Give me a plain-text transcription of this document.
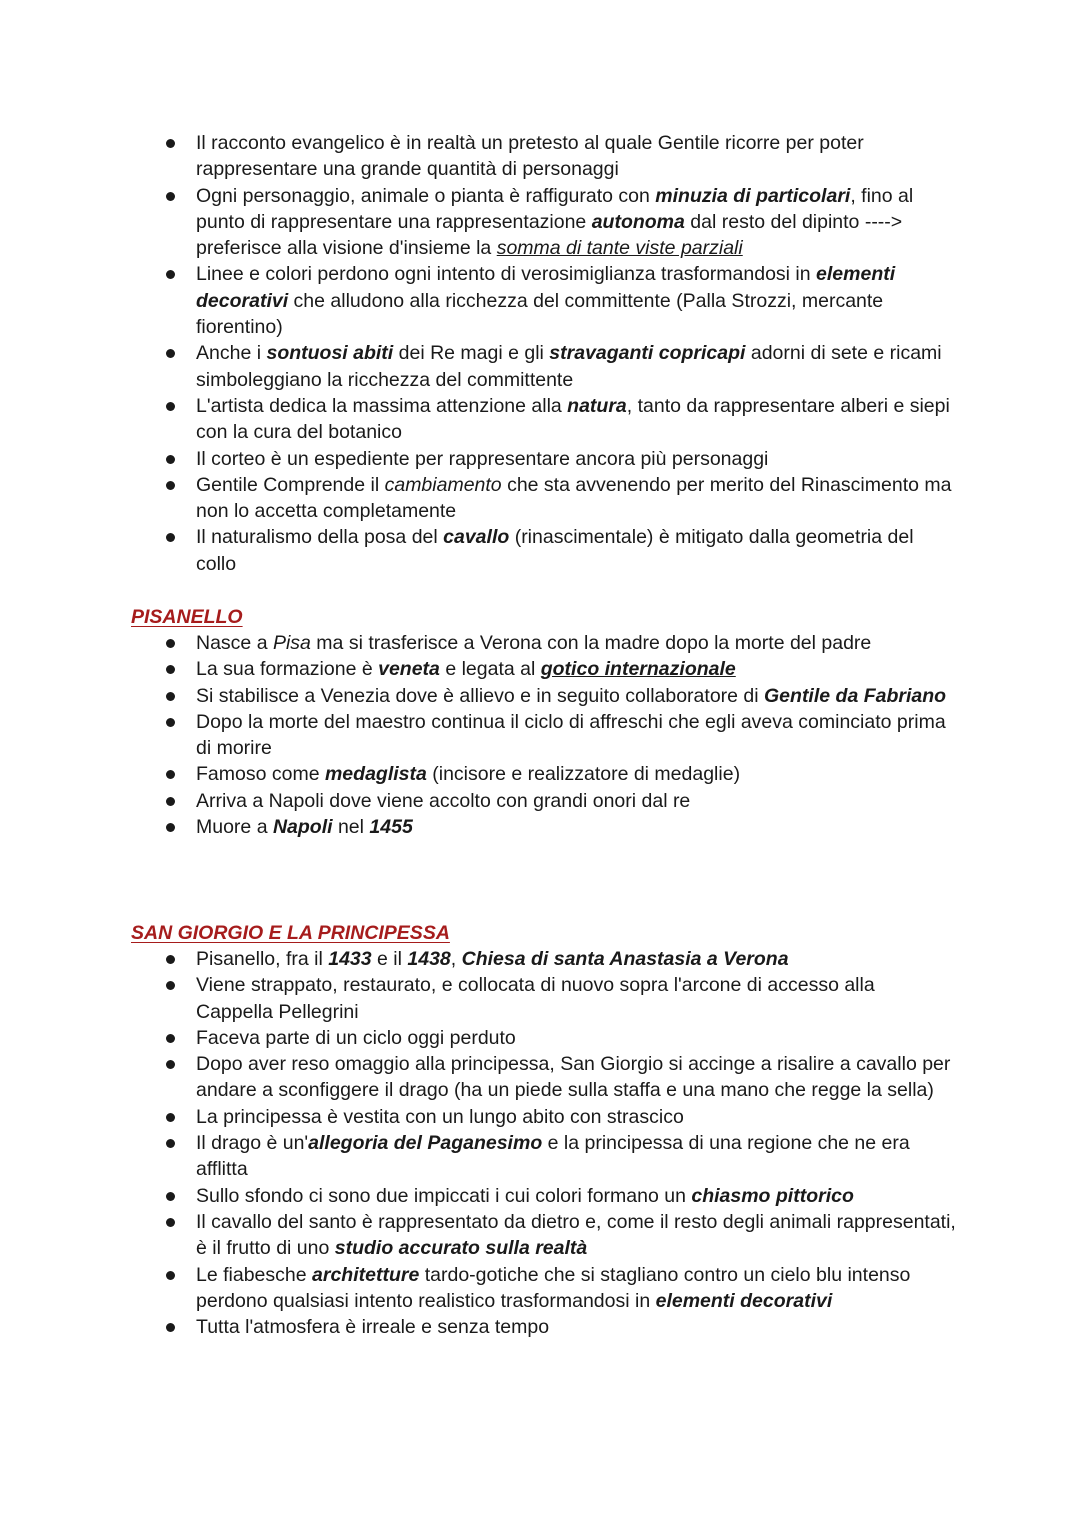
Il racconto evangelico è in realtà un pretesto al quale Gentile ricorre per poter rappresentare una grande quantità di personaggi
Ogni personaggio, animale o pianta è raffigurato con minuzia di particolari, fino al punto di rappresentare una rappresentazione autonoma dal resto del dipinto ----> preferisce alla visione d'insieme la somma di tante viste parziali
Linee e colori perdono ogni intento di verosimiglianza trasformandosi in elementi decorativi che alludono alla ricchezza del committente (Palla Strozzi, mercante fiorentino)
Anche i sontuosi abiti dei Re magi e gli stravaganti copricapi adorni di sete e ricami simboleggiano la ricchezza del committente
L'artista dedica la massima attenzione alla natura, tanto da rappresentare alberi e siepi con la cura del botanico
Il corteo è un espediente per rappresentare ancora più personaggi
Gentile Comprende il cambiamento che sta avvenendo per merito del Rinascimento ma non lo accetta completamente
Il naturalismo della posa del cavallo (rinascimentale) è mitigato dalla geometria del collo
PISANELLO
Nasce a Pisa ma si trasferisce a Verona con la madre dopo la morte del padre
La sua formazione è veneta e legata al gotico internazionale
Si stabilisce a Venezia dove è allievo e in seguito collaboratore di Gentile da Fabriano
Dopo la morte del maestro continua il ciclo di affreschi che egli aveva cominciato prima di morire
Famoso come medaglista (incisore e realizzatore di medaglie)
Arriva a Napoli dove viene accolto con grandi onori dal re
Muore a Napoli nel 1455
SAN GIORGIO E LA PRINCIPESSA
Pisanello, fra il 1433 e il 1438, Chiesa di santa Anastasia a Verona
Viene strappato, restaurato, e collocata di nuovo sopra l'arcone di accesso alla Cappella Pellegrini
Faceva parte di un ciclo oggi perduto
Dopo aver reso omaggio alla principessa, San Giorgio si accinge a risalire a cavallo per andare a sconfiggere il drago (ha un piede sulla staffa e una mano che regge la sella)
La principessa è vestita con un lungo abito con strascico
Il drago è un'allegoria del Paganesimo e la principessa di una regione che ne era afflitta
Sullo sfondo ci sono due impiccati i cui colori formano un chiasmo pittorico
Il cavallo del santo è rappresentato da dietro e, come il resto degli animali rappresentati, è il frutto di uno studio accurato sulla realtà
Le fiabesche architetture tardo-gotiche che si stagliano contro un cielo blu intenso perdono qualsiasi intento realistico trasformandosi in elementi decorativi
Tutta l'atmosfera è irreale e senza tempo
